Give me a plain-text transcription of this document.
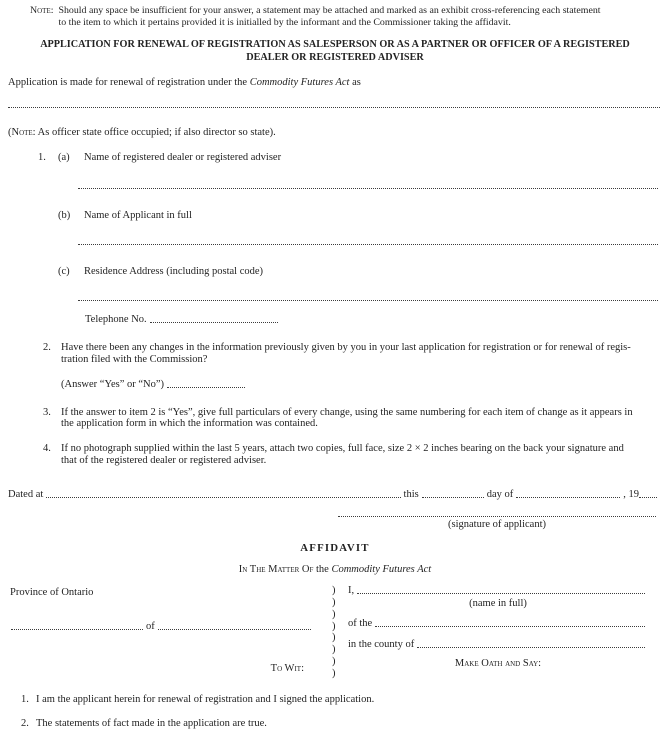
Note: Should any space be insufficient for your answer, a statement may be attached and marked as an exhibit cross-referencing each statement
to the item to which it pertains provided it is initialled by the informant and the Commissioner taking the affidavit.
APPLICATION FOR RENEWAL OF REGISTRATION AS SALESPERSON OR AS A PARTNER OR OFFICER OF A REGISTERED
DEALER OR REGISTERED ADVISER
Application is made for renewal of registration under the Commodity Futures Act as
(Note: As officer state office occupied; if also director so state).
1.	(a)	Name of registered dealer or registered adviser
(b)	Name of Applicant in full
(c)	Residence Address (including postal code)
Telephone No.
2. Have there been any changes in the information previously given by you in your last application for registration or for renewal of regis-
tration filed with the Commission?
(Answer “Yes” or “No”)
3. If the answer to item 2 is “Yes”, give full particulars of every change, using the same numbering for each item of change as it appears in
the application form in which the information was contained.
4. If no photograph supplied within the last 5 years, attach two copies, full face, size 2 × 2 inches bearing on the back your signature and
that of the registered dealer or registered adviser.
Dated at	this	day of	, 19
(signature of applicant)
AFFIDAVIT
In The Matter Of the Commodity Futures Act
Province of Ontario
of
To Wit:
)
)
)
)
)
)
)
)
I,
(name in full)
of the
in the county of
Make Oath and Say:
1. I am the applicant herein for renewal of registration and I signed the application.
2. The statements of fact made in the application are true.
